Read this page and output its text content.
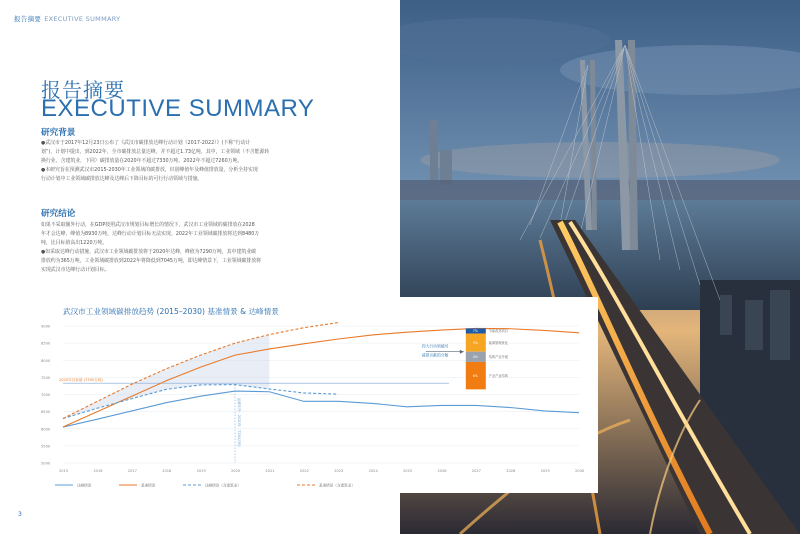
报告摘要 EXECUTIVE SUMMARY
报告摘要
EXECUTIVE SUMMARY
研究背景
●武汉市于2017年12月23日公布了《武汉市碳排放达峰行动计划（2017-2022）》(下称“行动计
划”)，计划中提出，到2022年，全市碳排放总量达峰，并不超过1.73亿吨，其中，工业领域（不含能源转
换行业，含建筑业，下同）碳排放量在2020年不超过7330万吨、2022年不超过7260万吨。
●本研究旨在预测武汉市2015-2030年工业领域的碳排放，识别峰值年及峰值排放量，分析全持实现
行动计划中工业领域碳排放达峰及达峰后下降目标的可行行动领域与措施。
研究结论
如果不采取额外行动，在GDP按照武汉市规划目标增长的情况下，武汉市工业领域的碳排放在2028
年才会达峰，峰值为8930万吨，达峰行动计划目标无法实现。2022年工业领域碳排放将达到8480万
吨，比目标值高出1220万吨。
●如采取达峰行动措施，武汉市工业领域碳排放将于2020年达峰，峰值为7290万吨，其中建筑业碳
排放约为365万吨，工业领域碳排放到2022年将降低到7045万吨，即达峰情景下，工业领域碳排放将
实现武汉市达峰行动计划目标。
武汉市工业领域碳排放趋势 (2015–2030) 基准情景 & 达峰情景
5000
5500
6000
6500
7000
7500
8000
8500
9000
2015	2016	2017	2018	2019	2020	2021	2022	2023	2024	2025	2026	2027	2028	2029	2030
2020年目标值 (7330万吨)
达峰年份：2020年（7290万吨）
7%	节能改造项目
3%	能源管理优化
4%	结构产业升级
6%	产业产业结构
四大行动领域对
减排贡献的分解
达峰情景	基准情景	达峰情景（含建筑业）	基准情景（含建筑业）
3
